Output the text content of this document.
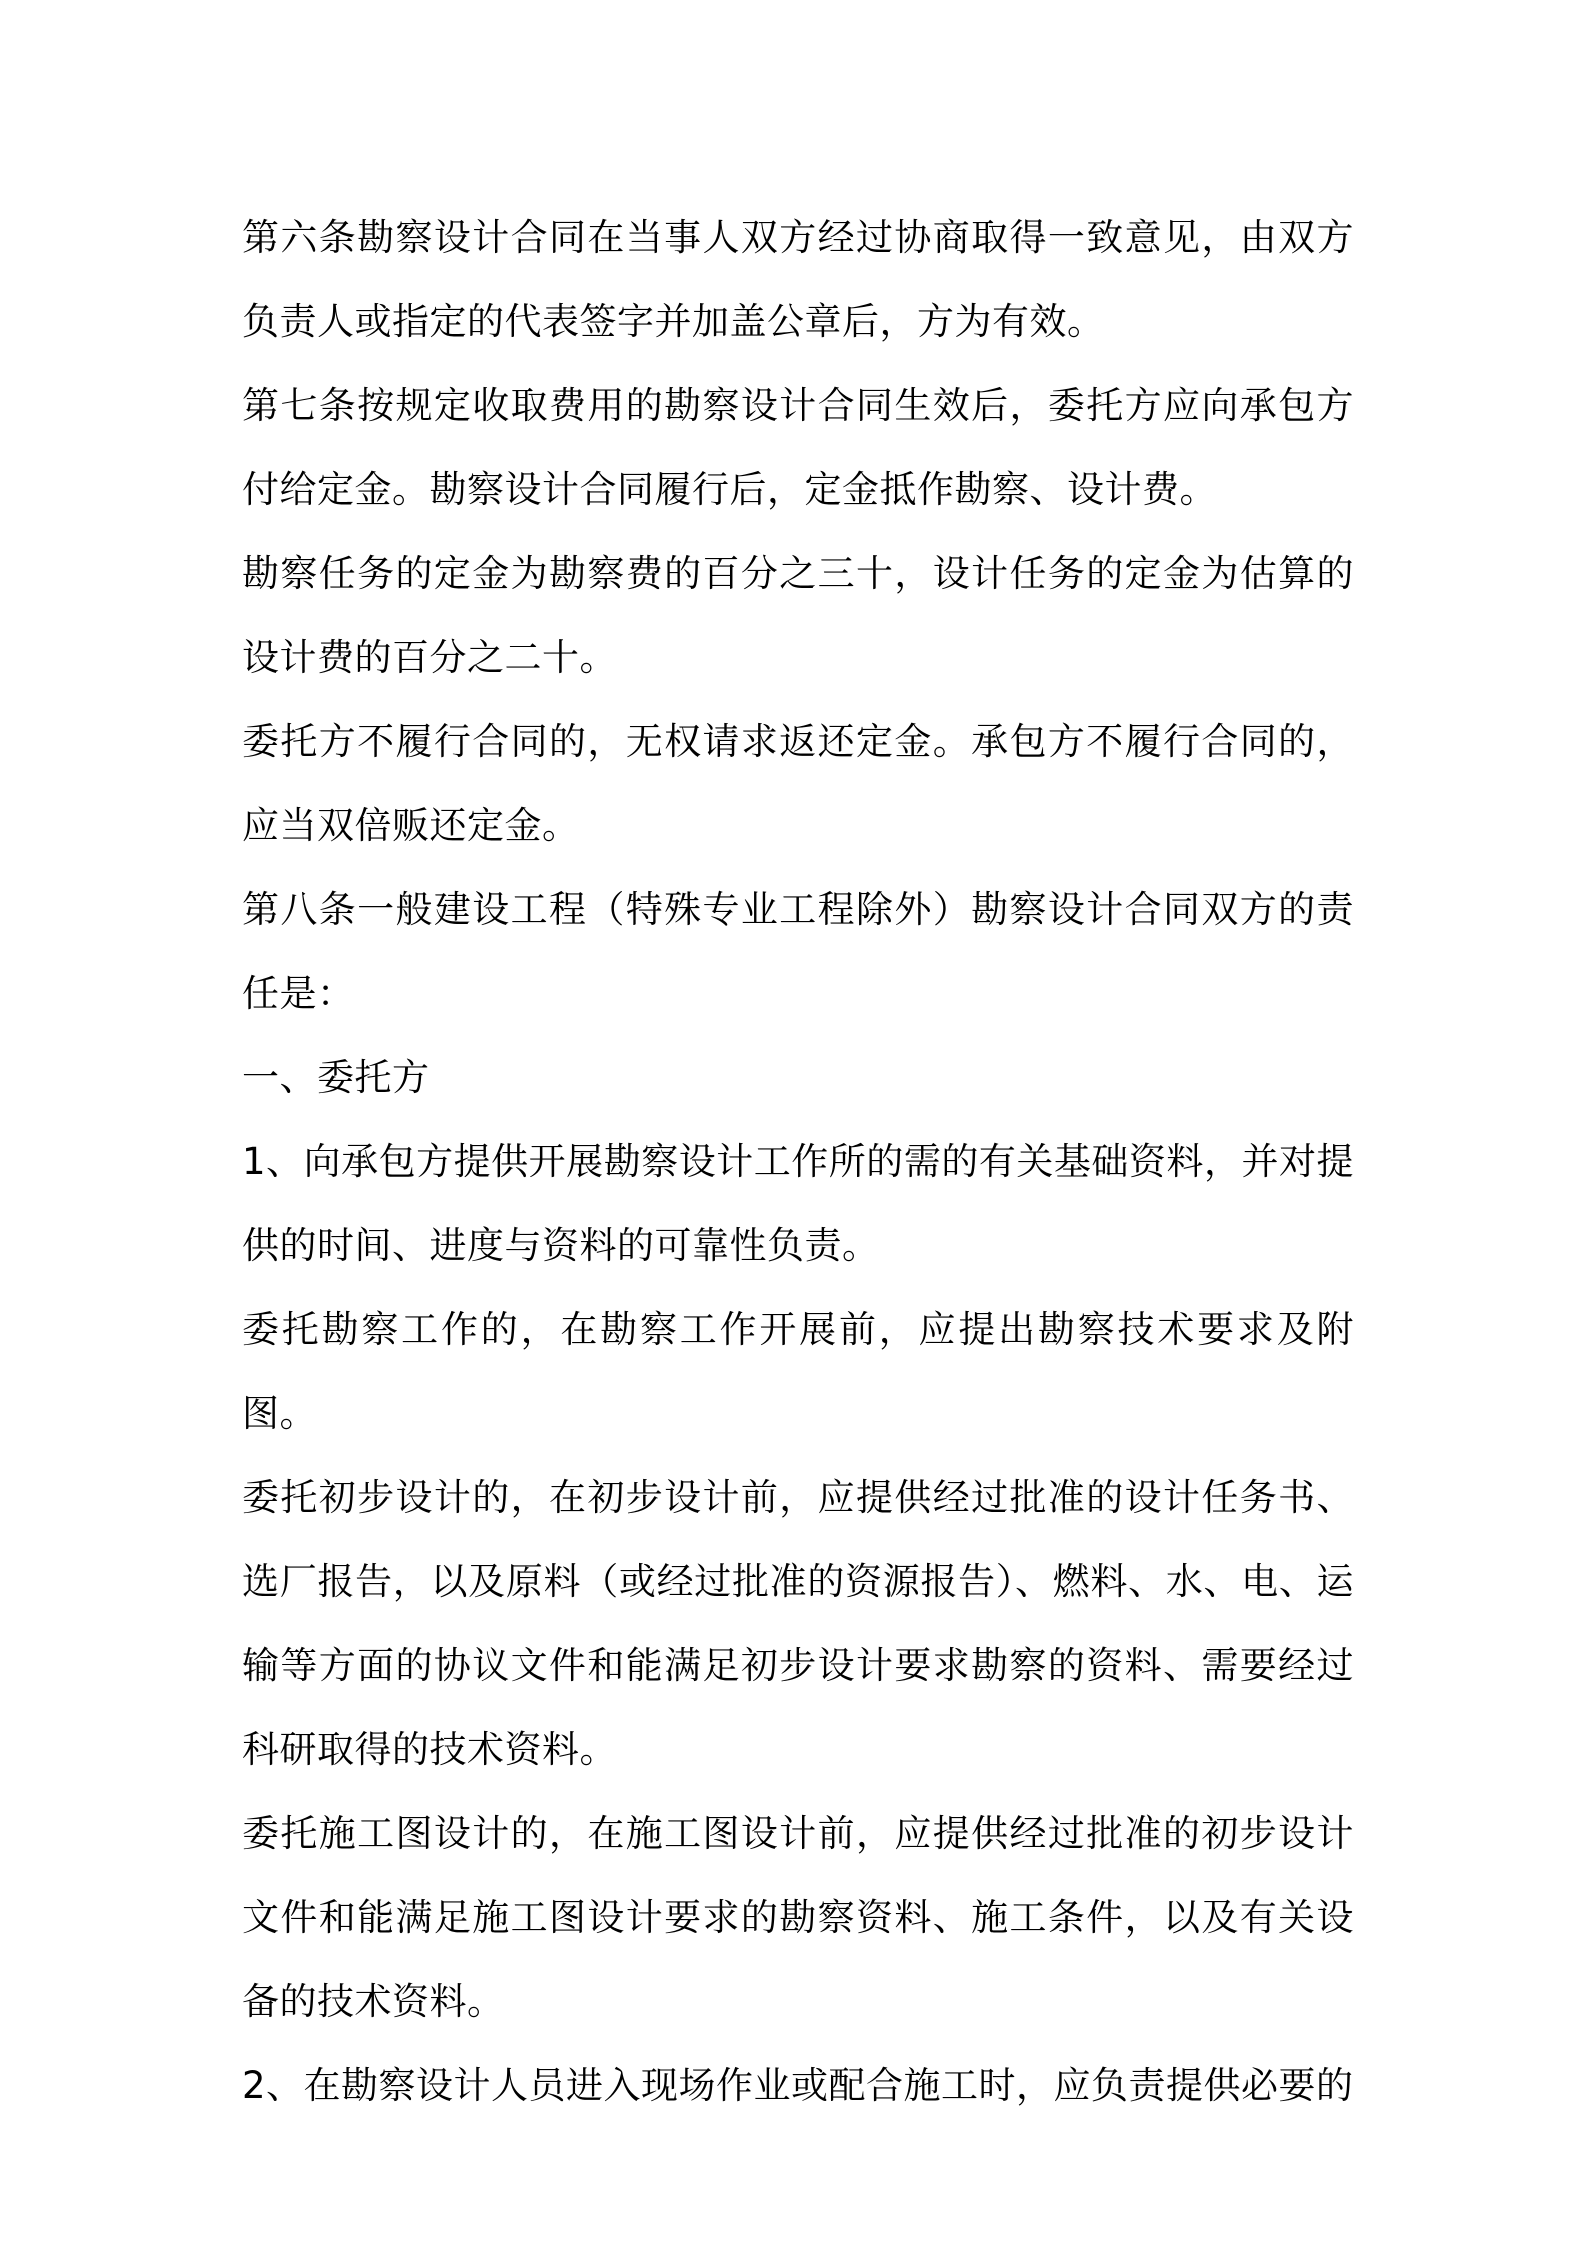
第六条勘察设计合同在当事人双方经过协商取得一致意见，由双方负责人或指定的代表签字并加盖公章后，方为有效。

第七条按规定收取费用的勘察设计合同生效后，委托方应向承包方付给定金。勘察设计合同履行后，定金抵作勘察、设计费。

勘察任务的定金为勘察费的百分之三十，设计任务的定金为估算的设计费的百分之二十。

委托方不履行合同的，无权请求返还定金。承包方不履行合同的，应当双倍贩还定金。

第八条一般建设工程（特殊专业工程除外）勘察设计合同双方的责任是：

一、委托方

1、向承包方提供开展勘察设计工作所的需的有关基础资料，并对提供的时间、进度与资料的可靠性负责。

委托勘察工作的，在勘察工作开展前，应提出勘察技术要求及附图。

委托初步设计的，在初步设计前，应提供经过批准的设计任务书、选厂报告，以及原料（或经过批准的资源报告）、燃料、水、电、运输等方面的协议文件和能满足初步设计要求勘察的资料、需要经过科研取得的技术资料。

委托施工图设计的，在施工图设计前，应提供经过批准的初步设计文件和能满足施工图设计要求的勘察资料、施工条件，以及有关设备的技术资料。

2、在勘察设计人员进入现场作业或配合施工时，应负责提供必要的
